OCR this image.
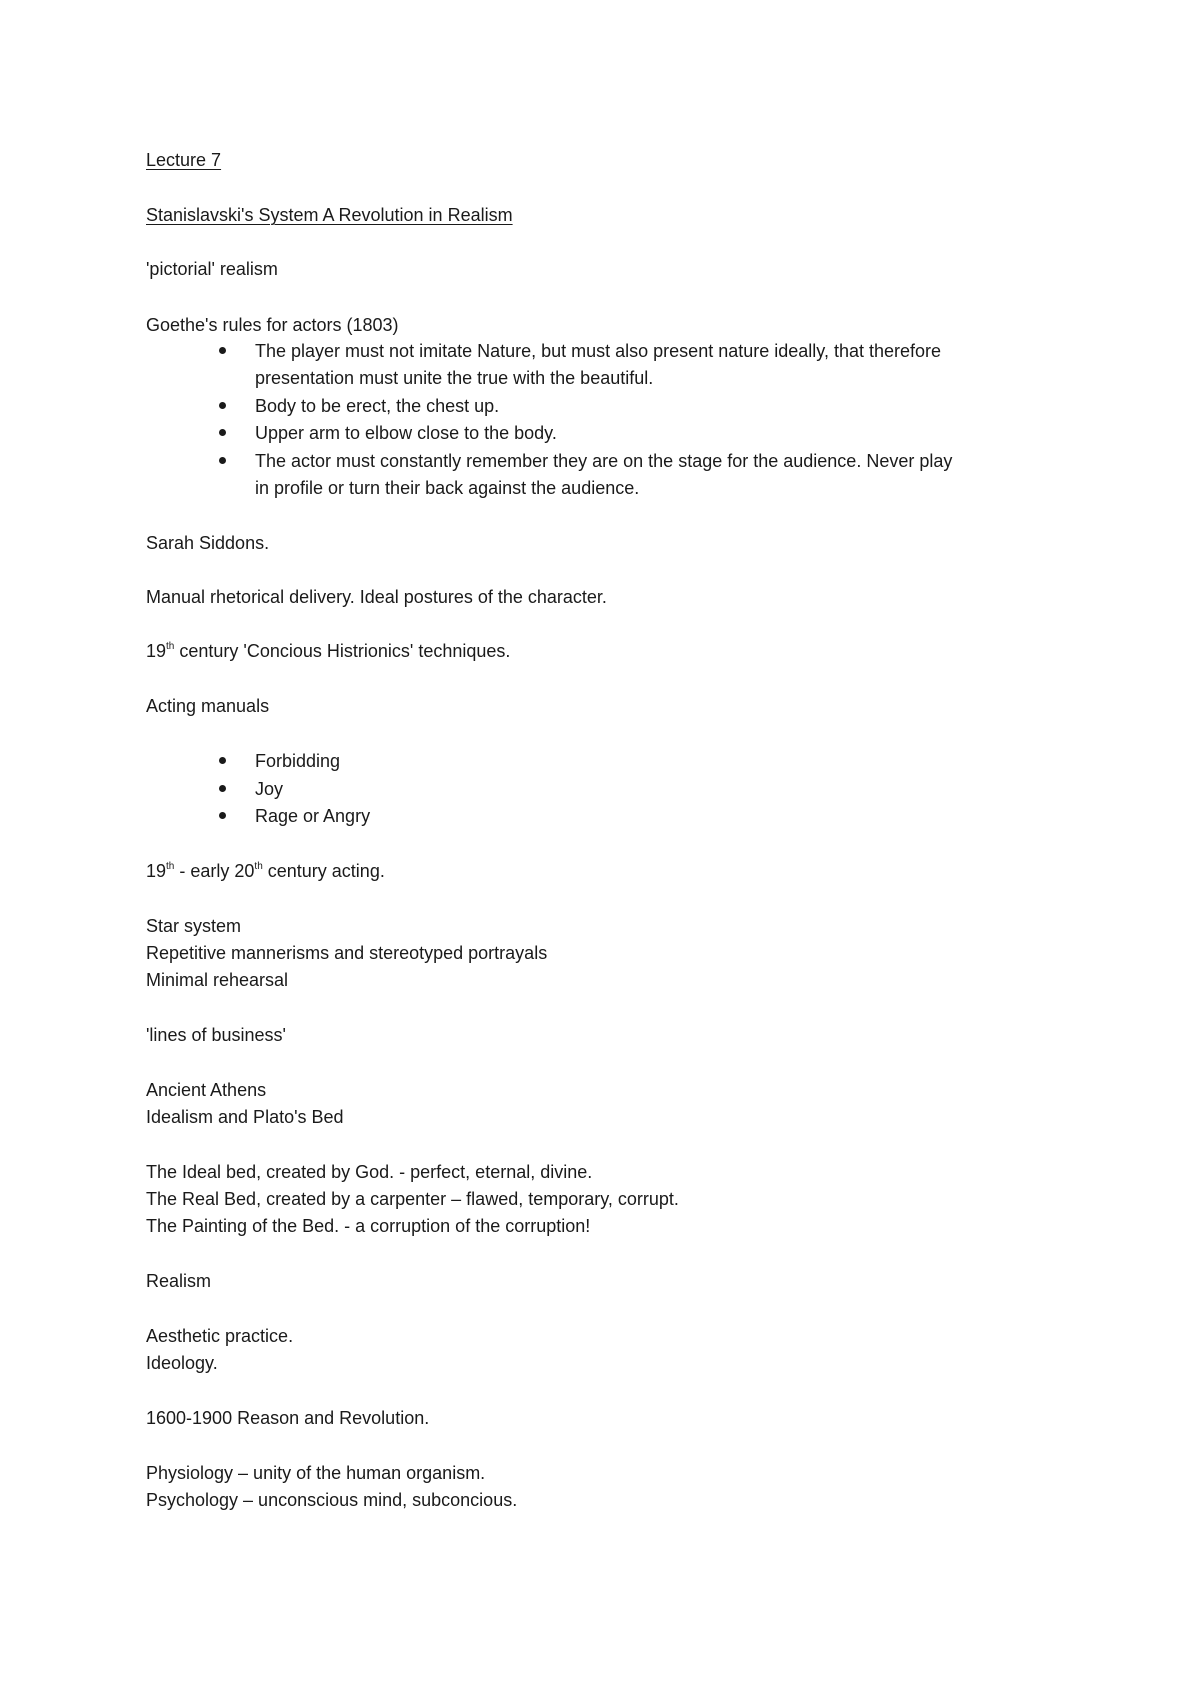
Lecture 7
Stanislavski's System A Revolution in Realism
'pictorial' realism
Goethe's rules for actors (1803)
The player must not imitate Nature, but must also present nature ideally, that therefore
presentation must unite the true with the beautiful.
Body to be erect, the chest up.
Upper arm to elbow close to the body.
The actor must constantly remember they are on the stage for the audience. Never play
in profile or turn their back against the audience.
Sarah Siddons.
Manual rhetorical delivery. Ideal postures of the character.
19th century 'Concious Histrionics' techniques.
Acting manuals
Forbidding
Joy
Rage or Angry
19th - early 20th century acting.
Star system
Repetitive mannerisms and stereotyped portrayals
Minimal rehearsal
'lines of business'
Ancient Athens
Idealism and Plato's Bed
The Ideal bed, created by God. - perfect, eternal, divine.
The Real Bed, created by a carpenter – flawed, temporary, corrupt.
The Painting of the Bed. - a corruption of the corruption!
Realism
Aesthetic practice.
Ideology.
1600-1900 Reason and Revolution.
Physiology – unity of the human organism.
Psychology – unconscious mind, subconcious.
